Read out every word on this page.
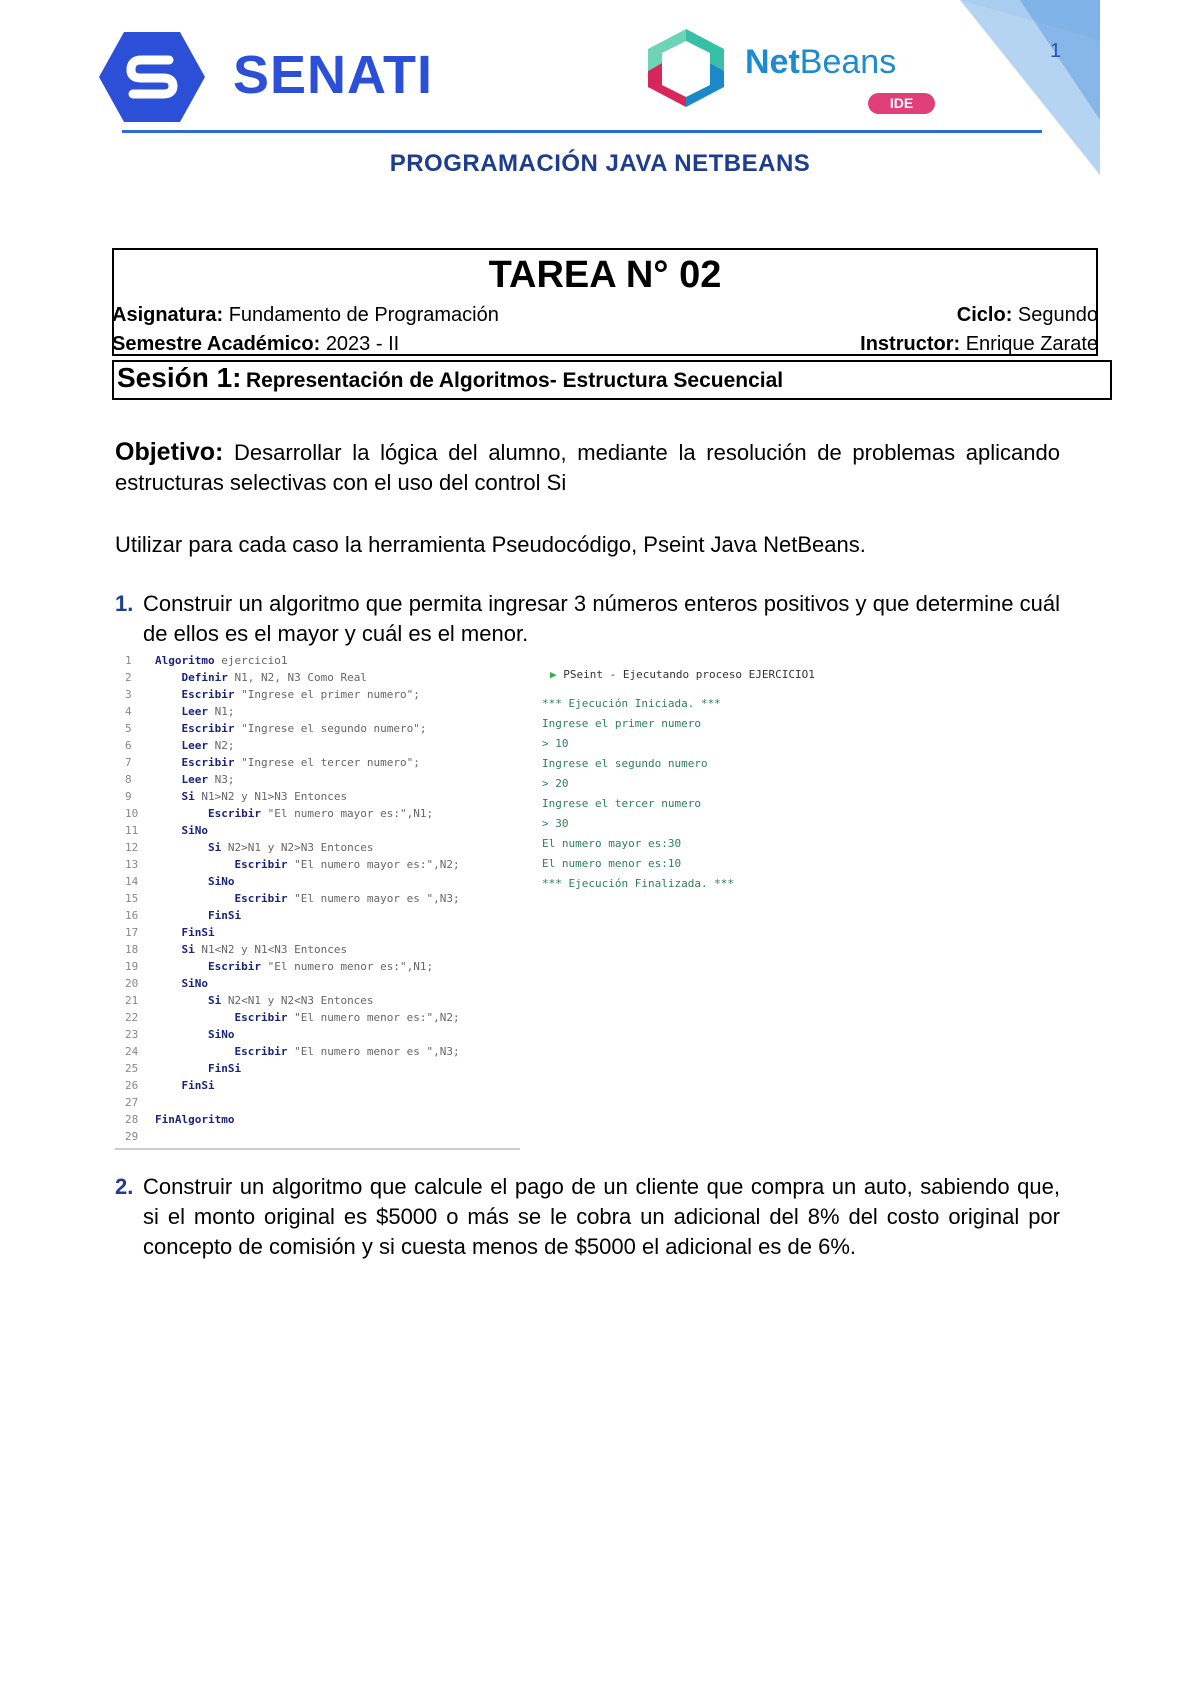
SENATI	NetBeans
IDE
1
PROGRAMACIÓN JAVA NETBEANS
TAREA N° 02
Asignatura: Fundamento de Programación	Ciclo: Segundo
Semestre Académico: 2023 - II	Instructor: Enrique Zarate
Sesión 1: Representación de Algoritmos- Estructura Secuencial
Objetivo: Desarrollar la lógica del alumno, mediante la resolución de problemas aplicando estructuras selectivas con el uso del control Si
Utilizar para cada caso la herramienta Pseudocódigo, Pseint Java NetBeans.
1. Construir un algoritmo que permita ingresar 3 números enteros positivos y que determine cuál de ellos es el mayor y cuál es el menor.
1 Algoritmo ejercicio1
2    Definir N1, N2, N3 Como Real
3    Escribir "Ingrese el primer numero";
4    Leer N1;
5    Escribir "Ingrese el segundo numero";
6    Leer N2;
7    Escribir "Ingrese el tercer numero";
8    Leer N3;
9    Si N1>N2 y N1>N3 Entonces
10        Escribir "El numero mayor es:",N1;
11    SiNo
12        Si N2>N1 y N2>N3 Entonces
13            Escribir "El numero mayor es:",N2;
14        SiNo
15            Escribir "El numero mayor es ",N3;
16        FinSi
17    FinSi
18    Si N1<N2 y N1<N3 Entonces
19        Escribir "El numero menor es:",N1;
20    SiNo
21        Si N2<N1 y N2<N3 Entonces
22            Escribir "El numero menor es:",N2;
23        SiNo
24            Escribir "El numero menor es ",N3;
25        FinSi
26    FinSi
27
28 FinAlgoritmo
29
▶ PSeint - Ejecutando proceso EJERCICIO1
*** Ejecución Iniciada. ***
Ingrese el primer numero
> 10
Ingrese el segundo numero
> 20
Ingrese el tercer numero
> 30
El numero mayor es:30
El numero menor es:10
*** Ejecución Finalizada. ***
2. Construir un algoritmo que calcule el pago de un cliente que compra un auto, sabiendo que, si el monto original es $5000 o más se le cobra un adicional del 8% del costo original por concepto de comisión y si cuesta menos de $5000 el adicional es de 6%.
